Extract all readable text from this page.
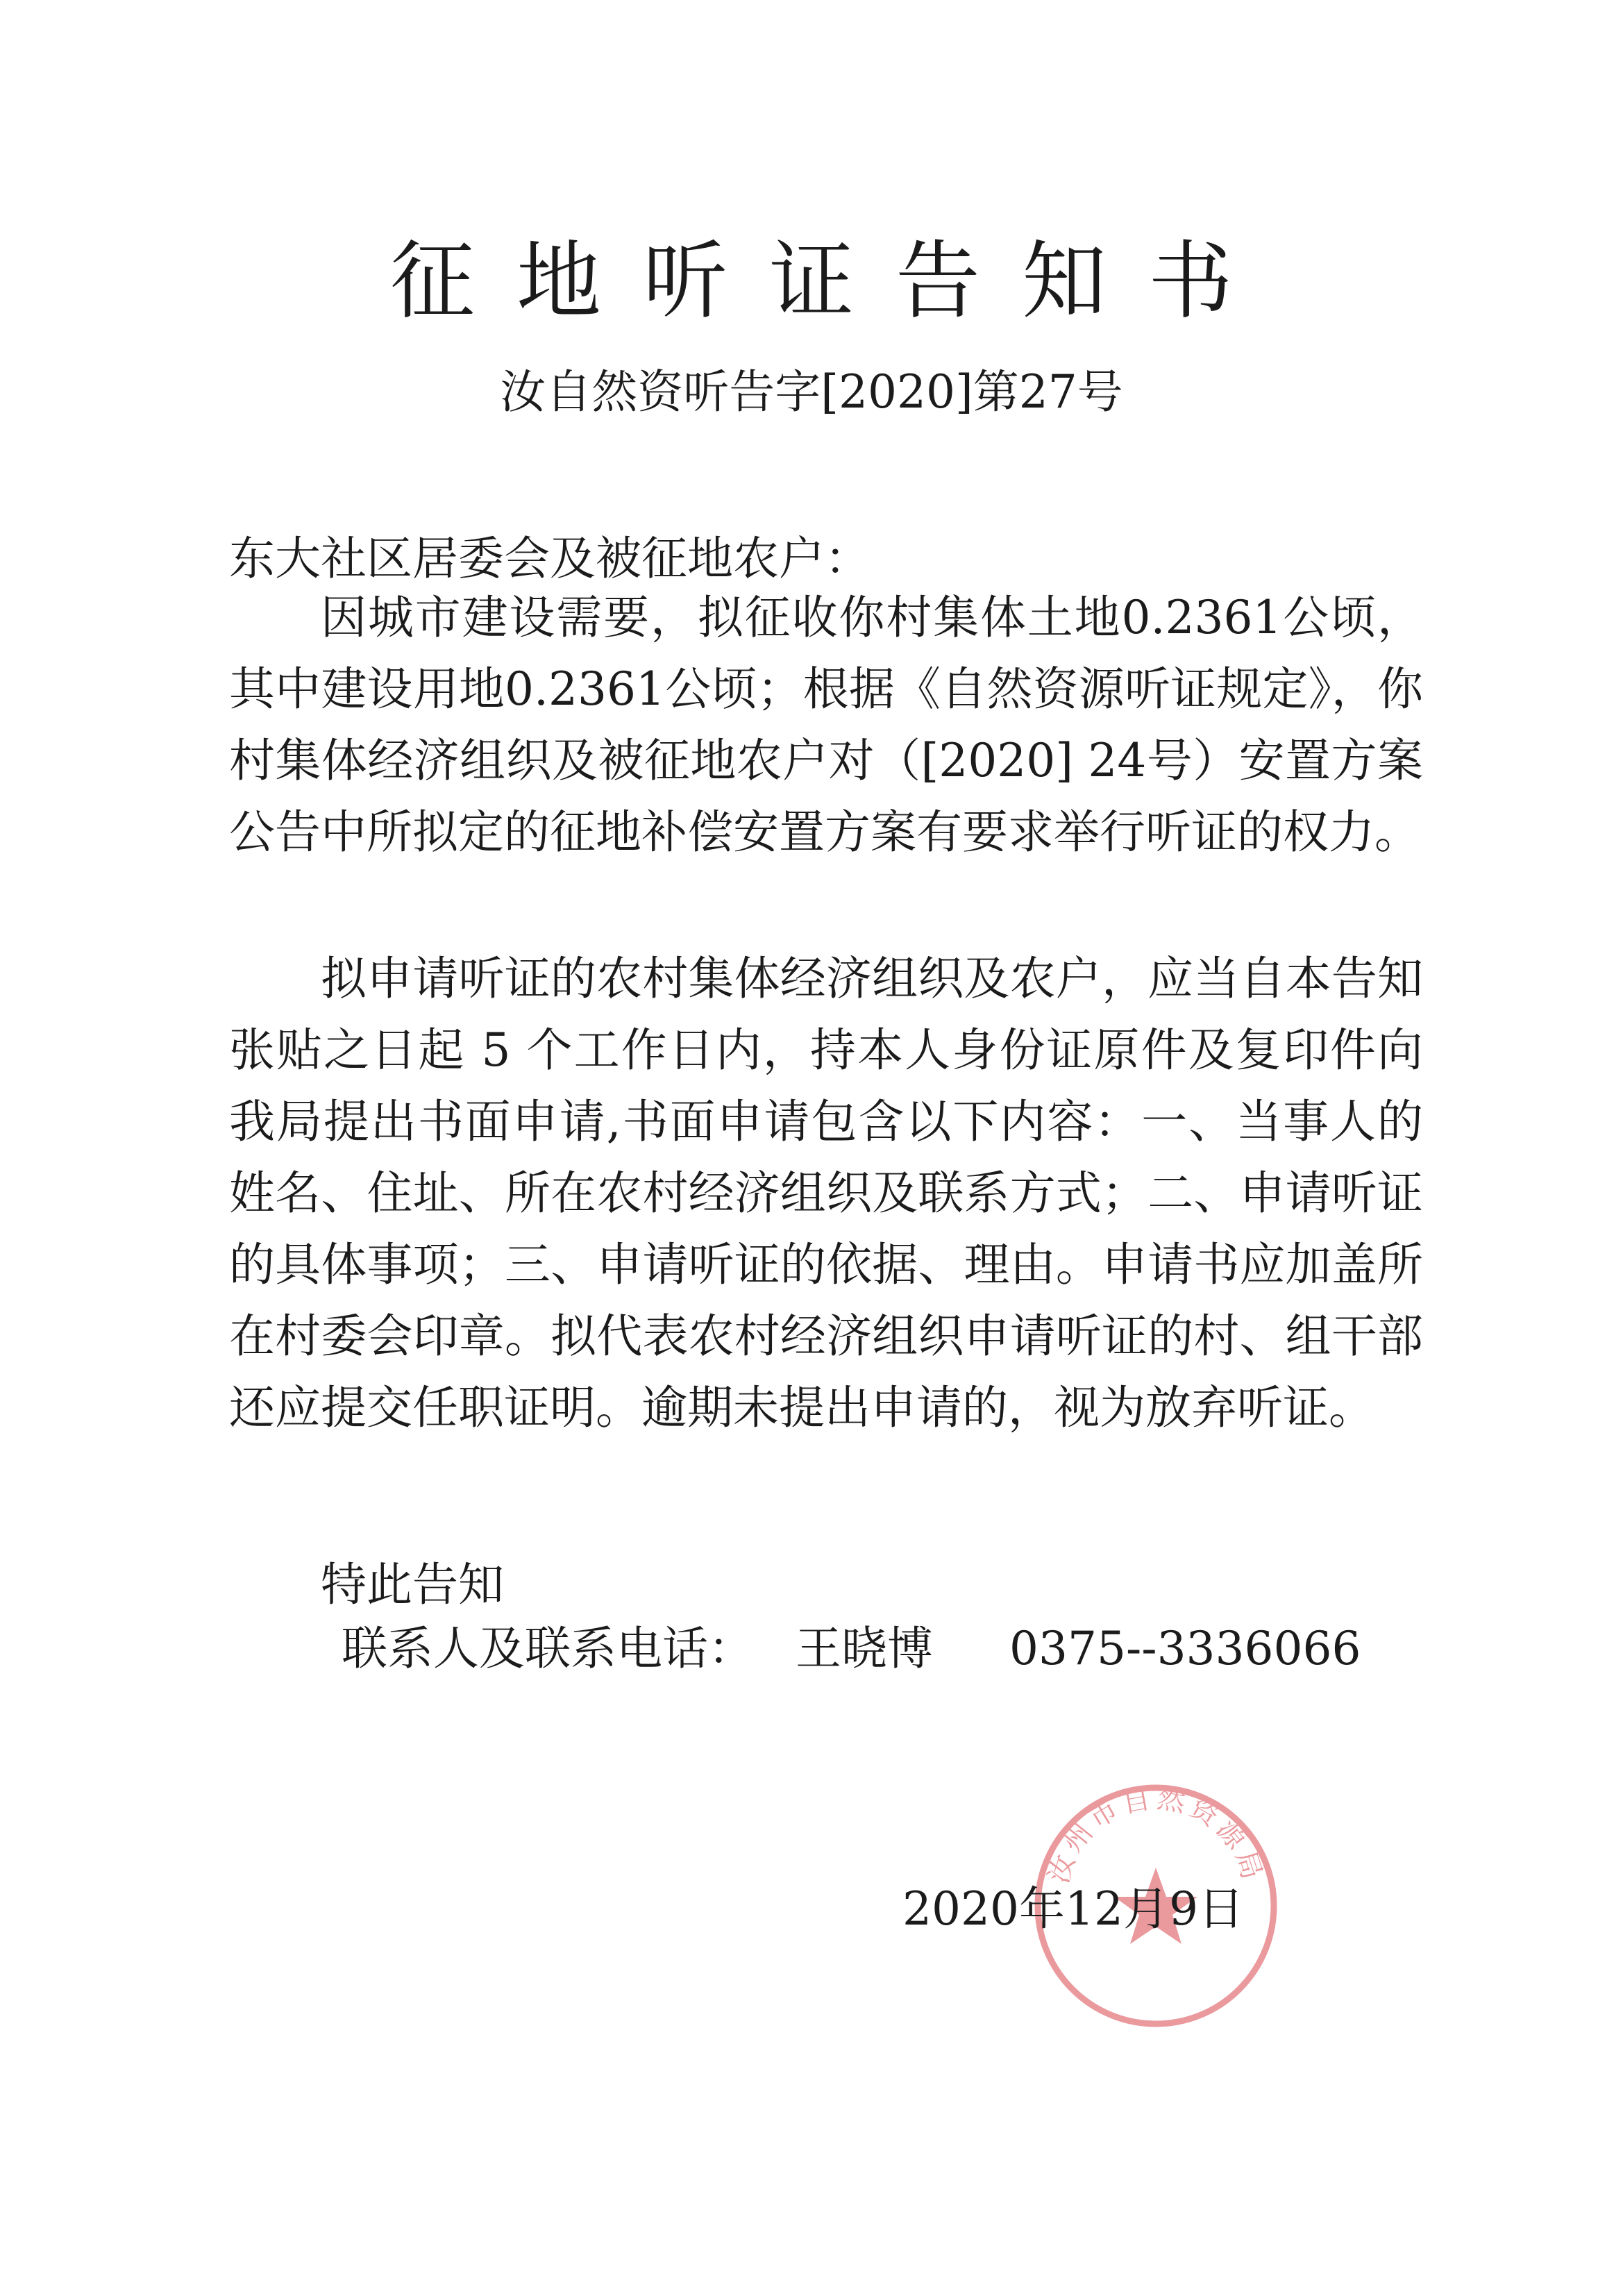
征地听证告知书
汝自然资听告字[2020]第27号
东大社区居委会及被征地农户：

因城市建设需要，拟征收你村集体土地0.2361公顷，其中建设用地0.2361公顷；根据《自然资源听证规定》，你村集体经济组织及被征地农户对（[2020] 24号）安置方案公告中所拟定的征地补偿安置方案有要求举行听证的权力。

拟申请听证的农村集体经济组织及农户，应当自本告知张贴之日起 5 个工作日内，持本人身份证原件及复印件向我局提出书面申请,书面申请包含以下内容：一、当事人的姓名、住址、所在农村经济组织及联系方式；二、申请听证的具体事项；三、申请听证的依据、理由。申请书应加盖所在村委会印章。拟代表农村经济组织申请听证的村、组干部还应提交任职证明。逾期未提出申请的，视为放弃听证。

特此告知
联系人及联系电话： 王晓博 0375--3336066
汝州市自然资源局
2020年12月9日
